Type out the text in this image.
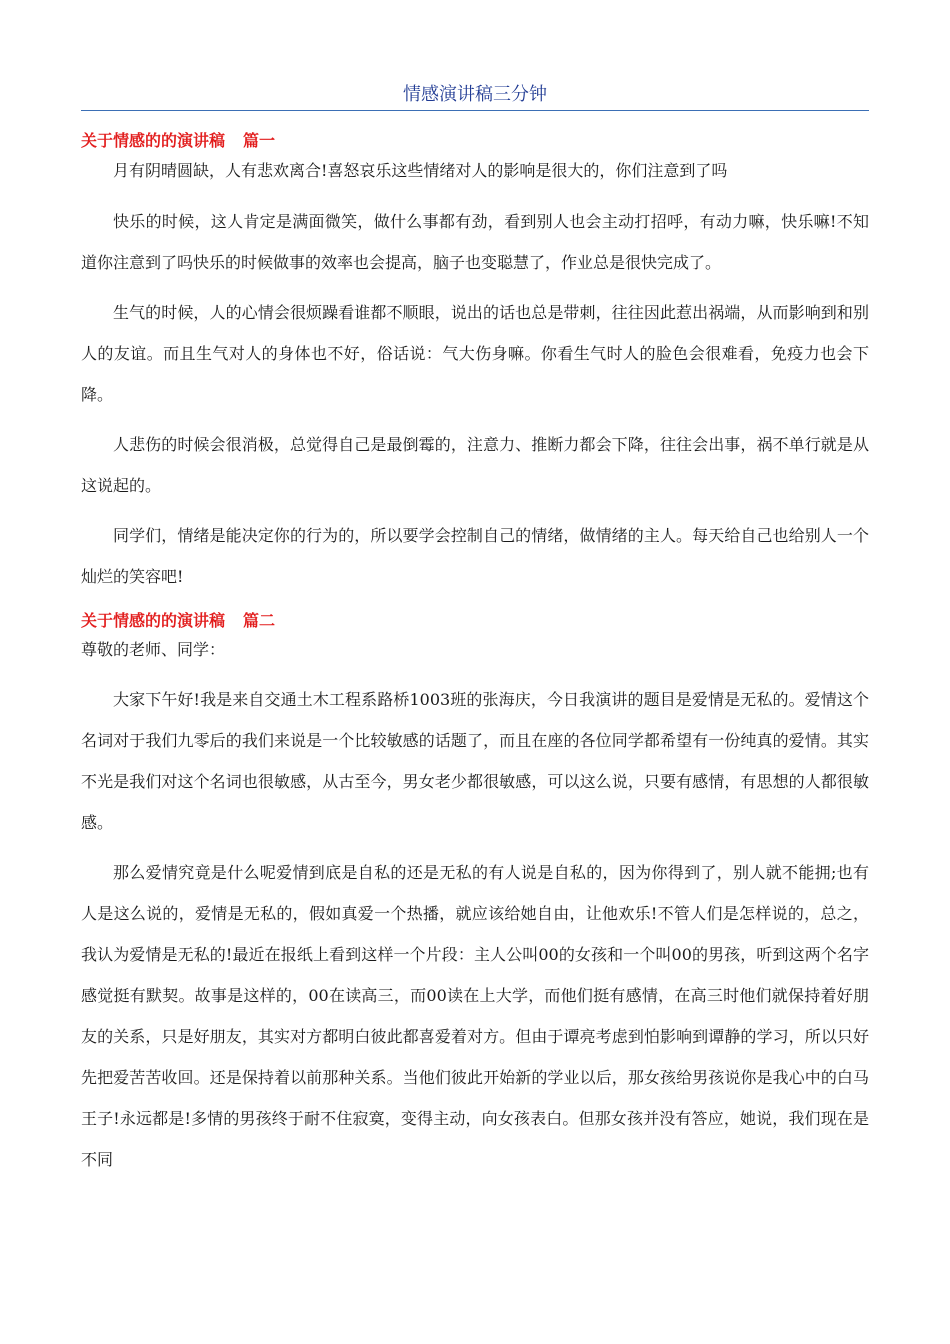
情感演讲稿三分钟

关于情感的的演讲稿 篇一

月有阴晴圆缺，人有悲欢离合!喜怒哀乐这些情绪对人的影响是很大的，你们注意到了吗

快乐的时候，这人肯定是满面微笑，做什么事都有劲，看到别人也会主动打招呼，有动力嘛，快乐嘛!不知道你注意到了吗快乐的时候做事的效率也会提高，脑子也变聪慧了，作业总是很快完成了。

生气的时候，人的心情会很烦躁看谁都不顺眼，说出的话也总是带刺，往往因此惹出祸端，从而影响到和别人的友谊。而且生气对人的身体也不好，俗话说：气大伤身嘛。你看生气时人的脸色会很难看，免疫力也会下降。

人悲伤的时候会很消极，总觉得自己是最倒霉的，注意力、推断力都会下降，往往会出事，祸不单行就是从这说起的。

同学们，情绪是能决定你的行为的，所以要学会控制自己的情绪，做情绪的主人。每天给自己也给别人一个灿烂的笑容吧!

关于情感的的演讲稿 篇二

尊敬的老师、同学：

大家下午好!我是来自交通土木工程系路桥1003班的张海庆，今日我演讲的题目是爱情是无私的。爱情这个名词对于我们九零后的我们来说是一个比较敏感的话题了，而且在座的各位同学都希望有一份纯真的爱情。其实不光是我们对这个名词也很敏感，从古至今，男女老少都很敏感，可以这么说，只要有感情，有思想的人都很敏感。

那么爱情究竟是什么呢爱情到底是自私的还是无私的有人说是自私的，因为你得到了，别人就不能拥;也有人是这么说的，爱情是无私的，假如真爱一个热播，就应该给她自由，让他欢乐!不管人们是怎样说的，总之，我认为爱情是无私的!最近在报纸上看到这样一个片段：主人公叫00的女孩和一个叫00的男孩，听到这两个名字感觉挺有默契。故事是这样的，00在读高三，而00读在上大学，而他们挺有感情，在高三时他们就保持着好朋友的关系，只是好朋友，其实对方都明白彼此都喜爱着对方。但由于谭亮考虑到怕影响到谭静的学习，所以只好先把爱苦苦收回。还是保持着以前那种关系。当他们彼此开始新的学业以后，那女孩给男孩说你是我心中的白马王子!永远都是!多情的男孩终于耐不住寂寞，变得主动，向女孩表白。但那女孩并没有答应，她说，我们现在是不同
